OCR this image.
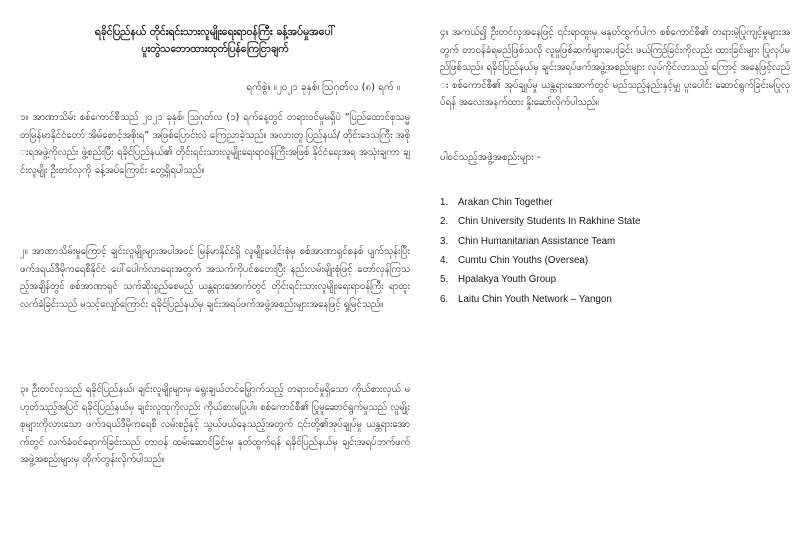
ရခိုင်ပြည်နယ် တိုင်းရင်းသားလူမျိုးရေးရာဝန်ကြီး ခန့်အပ်မှုအပေါ်
ပူးတွဲသဘောထားထုတ်ပြန်ကြေငြာချက်
ရက်စွဲ။ ။၂၀၂၁ ခုနှစ်၊ ဩဂုတ်လ (၈) ရက် ။

၁။ အာဏာသိမ်း စစ်ကောင်စီသည် ၂၀၂၁ ခုနှစ်၊ ဩဂုတ်လ (၁) ရက်နေ့တွင် တရားဝင်မှုမရှိပဲ “ပြည်ထောင်စုသမ္မတမြန်မာနိုင်ငံတော် အိမ်စောင့်အစိုးရ” အဖြစ်ပြောင်းလဲ ကြေညာခဲ့သည်။ အလားတူ ပြည်နယ်/ တိုင်းဒေသကြီး အစိုးရအဖွဲ့ကိုလည်း ဖွဲ့စည်းပြီး ရခိုင်ပြည်နယ်၏ တိုင်းရင်းသားလူမျိုးရေးရာဝန်ကြီးအဖြစ် နိုင်ငံရေးအရ အသုံးချကာ ချင်းလူမျိုး ဦးတင်လှကို ခန့်အပ်ကြောင်း တွေ့ရှိရပါသည်။

၂။ အာဏာသိမ်းမှုကြောင့် ချင်းလူမျိုးများအပါအဝင် မြန်မာနိုင်ငံရှိ လူမျိုးပေါင်းစုံမှ စစ်အာဏာရှင်စနစ် ပျက်သုန်းပြီး ဖက်ဒရယ်ဒီမိုကရေစီနိုင်ငံ ပေါ်ပေါက်လာရေးအတွက် အသက်ကိုပင်စတေးပြီး နည်းလမ်းမျိုးစုံဖြင့် တော်လှန်ကြသည့်အချိန်တွင် စစ်အာဏာရှင် သက်ဆိုးရှည်စေမည့် ယန္တရားအောက်တွင် တိုင်းရင်းသားလူမျိုးရေးရာဝန်ကြီး ရာထူး လက်ခံခြင်းသည် မသင့်လျော်ကြောင်း ရခိုင်ပြည်နယ်မှ ချင်းအရပ်ဖက်အဖွဲ့အစည်းများအနေဖြင့် ရှုမြင်သည်။

၃။ ဦးတင်လှသည် ရခိုင်ပြည်နယ်၊ ချင်းလူမျိုးများမှ ရွေးချယ်တင်မြှောက်သည့် တရားဝင်မှုရှိသော ကိုယ်စားလှယ် မဟုတ်သည့်အပြင် ရခိုင်ပြည်နယ်မှ ချင်းလူထုကိုလည်း ကိုယ်စားမပြုပါ။ စစ်ကောင်စီ၏ ပြုမူဆောင်ရွက်မှုသည် လူမျိုးစုများကိုလားသော ဖက်ဒရယ်ဒီမိုကရေစီ လမ်းစဉ်နှင့် သွယ်ဖယ်နေသည့်အတွက် ၎င်းတို့၏အုပ်ချုပ်မှု ယန္တရားအောက်တွင် လက်ခံဝင်ရောက်ခြင်းသည် တာဝန် ထမ်းဆောင်ခြင်းမှ နုတ်ထွက်ရန် ရခိုင်ပြည်နယ်မှ ချင်းအရပ်ဘက်ဖက်အဖွဲ့အစည်းများမှ တိုက်တွန်းလိုက်ပါသည်။

၄။ အကယ်၍ ဦးတင်လှအနေဖြင့် ၎င်းရာထူးမှ မနုတ်ထွက်ပါက စစ်ကောင်စီ၏ တရားမဲ့ပြုကျင့်မှုများအတွက် တာဝန်ခံရမည်ဖြစ်သလို လူမှုဖြစ်ဆက်များပေးခြင်း ဖယ်ကြဉ်ခြင်းကိုလည်း ထားခြင်းများ ပြုလုပ်မည်ဖြစ်သည်။ ရခိုင်ပြည်နယ်မှ ချင်းအရပ်ဖက်အဖွဲ့အစည်းများ လုပ်ကိုင်လာသည့် ကြောင့် အနေဖြင့်လည်း စစ်ကောင်စီ၏ အုပ်ချုပ်မှု ယန္တရားအောက်တွင် မည်သည့်နည်းနှင့်မျှ ပူးပေါင်း ဆောင်ရွက်ခြင်းမပြုလုပ်ရန် အလေးအနက်ထား နှိုးဆော်လိုက်ပါသည်။

ပါဝင်သည့်အဖွဲ့အစည်းများ -
1.	Arakan Chin Together
2.	Chin University Students In Rakhine State
3.	Chin Humanitarian Assistance Team
4.	Cumtu Chin Youths (Oversea)
5.	Hpalakya Youth Group
6.	Laitu Chin Youth Network – Yangon
